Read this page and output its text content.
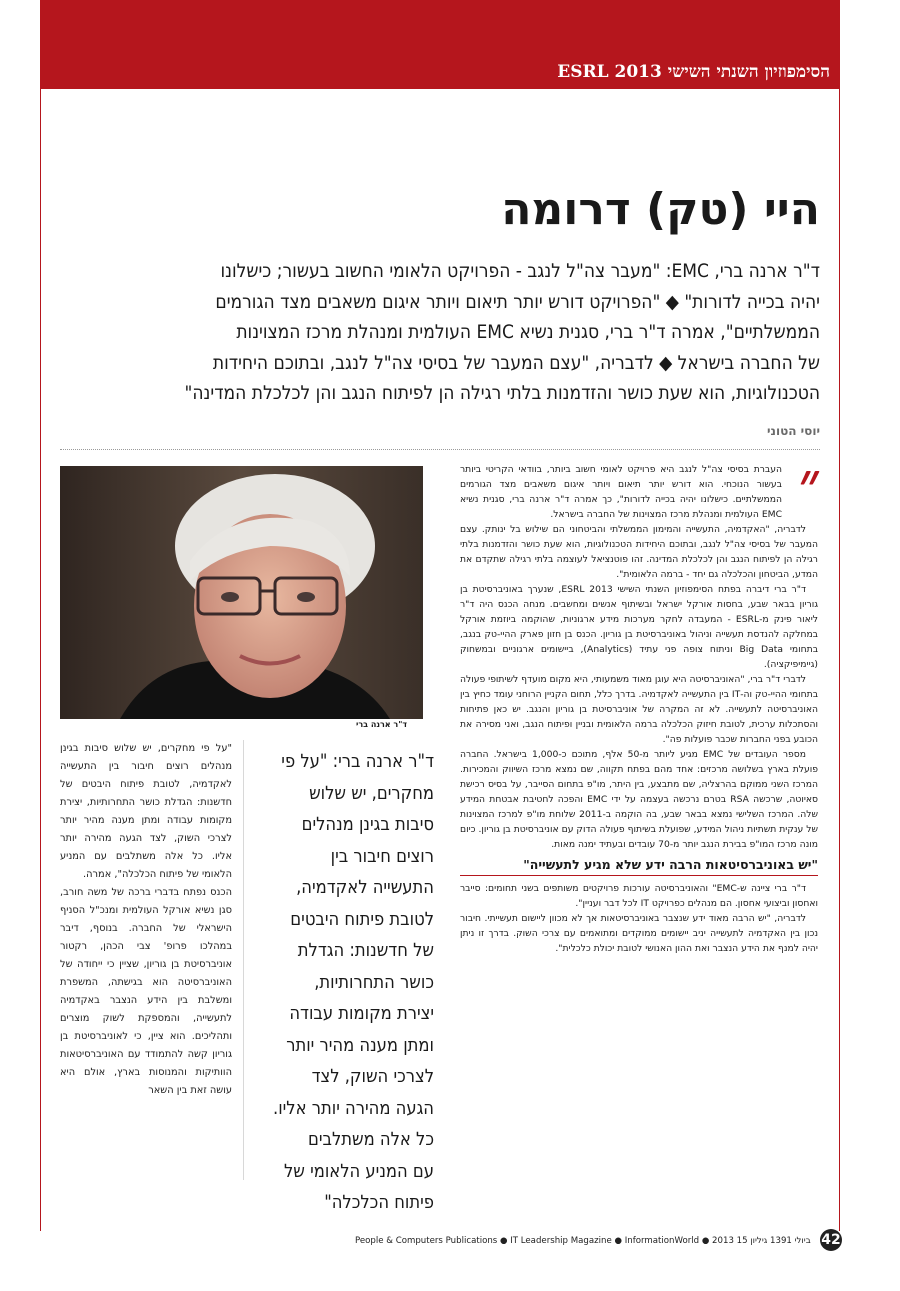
הסימפוזיון השנתי השישי ESRL 2013
היי (טק) דרומה
ד"ר ארנה ברי, EMC: "מעבר צה"ל לנגב - הפרויקט הלאומי החשוב בעשור; כישלונו
יהיה בכייה לדורות" ◆ "הפרויקט דורש יותר תיאום ויותר איגום משאבים מצד הגורמים
הממשלתיים", אמרה ד"ר ברי, סגנית נשיא EMC העולמית ומנהלת מרכז המצוינות
של החברה בישראל ◆ לדבריה, "עצם המעבר של בסיסי צה"ל לנגב, ובתוכם היחידות
הטכנולוגיות, הוא שעת כושר והזדמנות בלתי רגילה הן לפיתוח הנגב והן לכלכלת המדינה"
יוסי הטוני
ד"ר ארנה ברי
״

העברת בסיסי צה"ל לנגב היא פרויקט לאומי חשוב ביותר, בוודאי הקריטי ביותר בעשור הנוכחי. הוא דורש יותר תיאום ויותר איגום משאבים מצד הגורמים הממשלתיים. כישלונו יהיה בכייה לדורות", כך אמרה ד"ר ארנה ברי, סגנית נשיא EMC העולמית ומנהלת מרכז המצוינות של החברה בישראל.

לדבריה, "האקדמיה, התעשייה והמימון הממשלתי והביטחוני הם שילוש בל ינותק. עצם המעבר של בסיסי צה"ל לנגב, ובתוכם היחידות הטכנולוגיות, הוא שעת כושר והזדמנות בלתי רגילה הן לפיתוח הנגב והן לכלכלת המדינה. זהו פוטנציאל לעוצמה בלתי רגילה שתקדם את המדע, הביטחון והכלכלה גם יחד - ברמה הלאומית".

ד"ר ברי דיברה בפתח הסימפוזיון השנתי השישי ESRL 2013, שנערך באוניברסיטת בן גוריון בבאר שבע, בחסות אורקל ישראל ובשיתוף אנשים ומחשבים. מנחה הכנס היה ד"ר ליאור פינק מ-ESRL - המעבדה לחקר מערכות מידע ארגוניות, שהוקמה ביוזמת אורקל במחלקה להנדסת תעשייה וניהול באוניברסיטת בן גוריון. הכנס בן חזון פארק ההיי-טק בנגב, בתחומי Big Data וניתוח צופה פני עתיד (Analytics), ביישומים ארגוניים ובמשחוק (גיימיפיקציה).

לדברי ד"ר ברי, "האוניברסיטה היא עוגן מאוד משמעותי, היא מקום מועדף לשיתופי פעולה בתחומי ההיי-טק וה-IT בין התעשייה לאקדמיה. בדרך כלל, תחום הקניין הרוחני עומד כחיץ בין האוניברסיטה לתעשייה. לא זה המקרה של אוניברסיטת בן גוריון והנגב. יש כאן פתיחות והסתכלות ערכית, לטובת חיזוק הכלכלה ברמה הלאומית ובניין ופיתוח הנגב, ואני מסירה את הכובע בפני החברות שכבר פועלות פה".

מספר העובדים של EMC מגיע ליותר מ-50 אלף, מתוכם כ-1,000 בישראל. החברה פועלת בארץ בשלושה מרכזים: אחד מהם בפתח תקווה, שם נמצא מרכז השיווק והמכירות. המרכז השני ממוקם בהרצליה, שם מתבצע, בין היתר, מו"פ בתחום הסייבר, על בסיס רכישת סאיוטה, שרכשה RSA בטרם נרכשה בעצמה על ידי EMC והפכה לחטיבת אבטחת המידע שלה. המרכז השלישי נמצא בבאר שבע, בה הוקמה ב-2011 שלוחת מו"פ למרכז המצוינות של ענקית תשתיות ניהול המידע, שפועלת בשיתוף פעולה הדוק עם אוניברסיטת בן גוריון. כיום מונה מרכז המו"פ בבירת הנגב יותר מ-70 עובדים ובעתיד ימנה מאות.

"יש באוניברסיטאות הרבה ידע שלא מגיע לתעשייה"

ד"ר ברי ציינה ש-EMC" והאוניברסיטה עורכות פרויקטים משותפים בשני תחומים: סייבר ואחסון וביצועי אחסון. הם מנהלים כפרויקט IT לכל דבר ועניין".

לדבריה, "יש הרבה מאוד ידע שנצבר באוניברסיטאות אך לא מכוון ליישום תעשייתי. חיבור נכון בין האקדמיה לתעשייה יניב יישומים ממוקדים ומתואמים עם צרכי השוק. בדרך זו ניתן יהיה למנף את הידע הנצבר ואת ההון האנושי לטובת יכולת כלכלית".

ד"ר ארנה ברי: "על פי
מחקרים, יש שלוש
סיבות בגינן מנהלים
רוצים חיבור בין
התעשייה לאקדמיה,
לטובת פיתוח היבטים
של חדשנות: הגדלת
כושר התחרותיות,
יצירת מקומות עבודה
ומתן מענה מהיר יותר
לצרכי השוק, לצד
הגעה מהירה יותר אליו.
כל אלה משתלבים
עם המניע הלאומי של
פיתוח הכלכלה"

"על פי מחקרים, יש שלוש סיבות בגינן מנהלים רוצים חיבור בין התעשייה לאקדמיה, לטובת פיתוח היבטים של חדשנות: הגדלת כושר התחרותיות, יצירת מקומות עבודה ומתן מענה מהיר יותר לצרכי השוק, לצד הגעה מהירה יותר אליו. כל אלה משתלבים עם המניע הלאומי של פיתוח הכלכלה", אמרה.

הכנס נפתח בדברי ברכה של משה חורב, סגן נשיא אורקל העולמית ומנכ"ל הסניף הישראלי של החברה. בנוסף, דיבר במהלכו פרופ' צבי הכהן, רקטור אוניברסיטת בן גוריון, שציין כי ייחודה של האוניברסיטה הוא בגישתה, המשפרת ומשלבת בין הידע הנצבר באקדמיה לתעשייה, והמספקת לשוק מוצרים ותהליכים. הוא ציין, כי לאוניברסיטת בן גוריון קשה להתמודד עם האוניברסיטאות הוותיקות והמנוסות בארץ, אולם היא עושה זאת בין השאר

People & Computers Publications ● IT Leadership Magazine ● InformationWorld ● 2013 15 ביולי 1391 גיליון 42
